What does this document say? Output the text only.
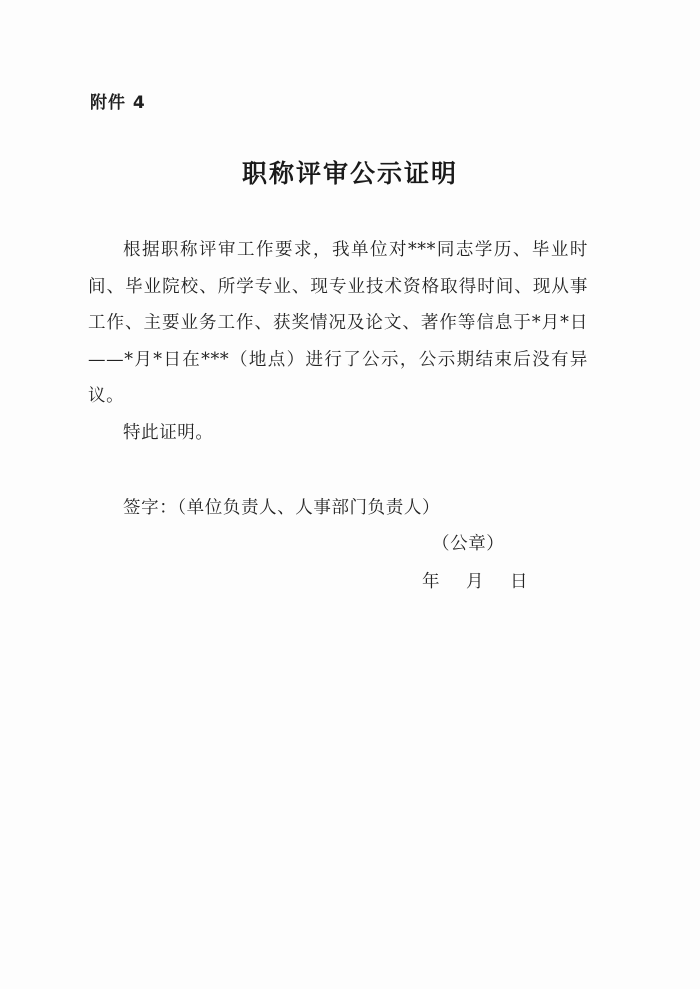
附件 4
职称评审公示证明
根据职称评审工作要求，我单位对***同志学历、毕业时间、毕业院校、所学专业、现专业技术资格取得时间、现从事工作、主要业务工作、获奖情况及论文、著作等信息于*月*日——*月*日在***（地点）进行了公示，公示期结束后没有异议。
特此证明。
签字：（单位负责人、人事部门负责人）
（公章）
年 月 日
